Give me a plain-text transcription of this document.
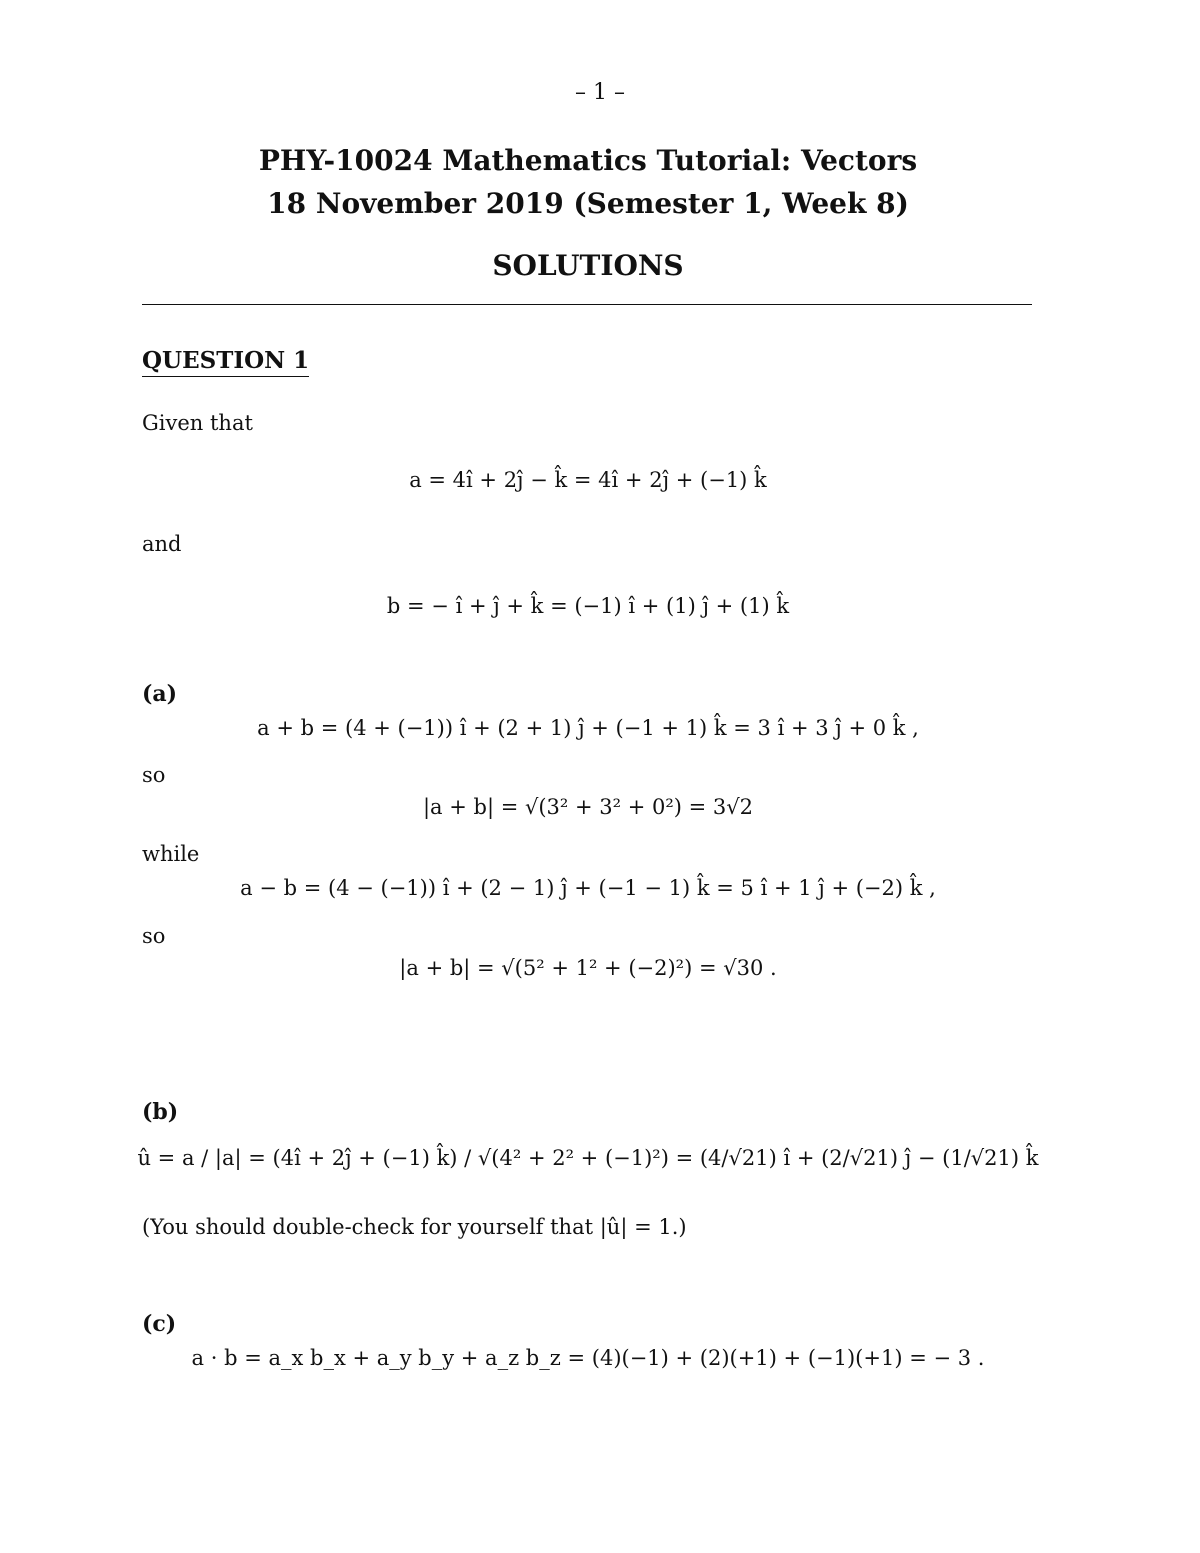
– 1 –
PHY-10024 Mathematics Tutorial: Vectors
18 November 2019 (Semester 1, Week 8)
SOLUTIONS
QUESTION 1
Given that
a = 4î + 2ĵ − k̂ = 4î + 2ĵ + (−1) k̂
and
b = − î + ĵ + k̂ = (−1) î + (1) ĵ + (1) k̂
(a)
a + b = (4 + (−1)) î + (2 + 1) ĵ + (−1 + 1) k̂ = 3 î + 3 ĵ + 0 k̂ ,
so
|a + b| = √(3² + 3² + 0²) = 3√2
while
a − b = (4 − (−1)) î + (2 − 1) ĵ + (−1 − 1) k̂ = 5 î + 1 ĵ + (−2) k̂ ,
so
|a + b| = √(5² + 1² + (−2)²) = √30 .
(b)
û = a / |a| = (4î + 2ĵ + (−1) k̂) / √(4² + 2² + (−1)²) = (4/√21) î + (2/√21) ĵ − (1/√21) k̂
(You should double-check for yourself that |û| = 1.)
(c)
a · b = a_x b_x + a_y b_y + a_z b_z = (4)(−1) + (2)(+1) + (−1)(+1) = − 3 .
